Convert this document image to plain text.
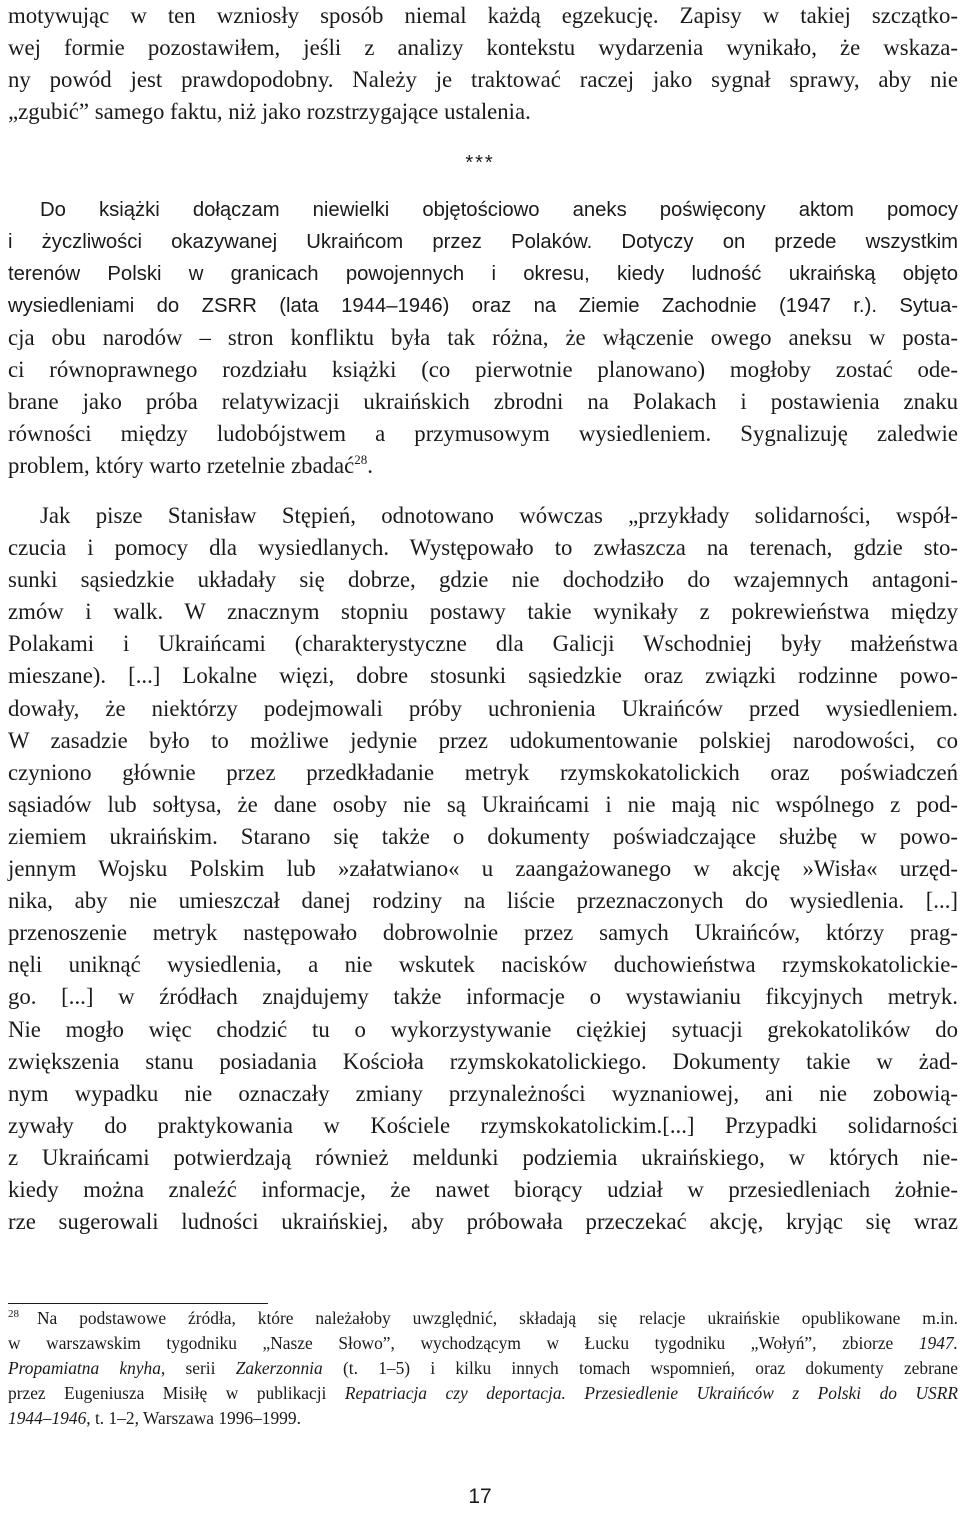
motywując w ten wzniosły sposób niemal każdą egzekucję. Zapisy w takiej szczątko-
wej formie pozostawiłem, jeśli z analizy kontekstu wydarzenia wynikało, że wskaza-
ny powód jest prawdopodobny. Należy je traktować raczej jako sygnał sprawy, aby nie
„zgubić” samego faktu, niż jako rozstrzygające ustalenia.
***
Do książki dołączam niewielki objętościowo aneks poświęcony aktom pomocy
i życzliwości okazywanej Ukraińcom przez Polaków. Dotyczy on przede wszystkim
terenów Polski w granicach powojennych i okresu, kiedy ludność ukraińską objęto
wysiedleniami do ZSRR (lata 1944–1946) oraz na Ziemie Zachodnie (1947 r.). Sytua-
cja obu narodów – stron konfliktu była tak różna, że włączenie owego aneksu w posta-
ci równoprawnego rozdziału książki (co pierwotnie planowano) mogłoby zostać ode-
brane jako próba relatywizacji ukraińskich zbrodni na Polakach i postawienia znaku
równości między ludobójstwem a przymusowym wysiedleniem. Sygnalizuję zaledwie
problem, który warto rzetelnie zbadać$^{28}$.
Jak pisze Stanisław Stępień, odnotowano wówczas „przykłady solidarności, współ-
czucia i pomocy dla wysiedlanych. Występowało to zwłaszcza na terenach, gdzie sto-
sunki sąsiedzkie układały się dobrze, gdzie nie dochodziło do wzajemnych antagoni-
zmów i walk. W znacznym stopniu postawy takie wynikały z pokrewieństwa między
Polakami i Ukraińcami (charakterystyczne dla Galicji Wschodniej były małżeństwa
mieszane). [...] Lokalne więzi, dobre stosunki sąsiedzkie oraz związki rodzinne powo-
dowały, że niektórzy podejmowali próby uchronienia Ukraińców przed wysiedleniem.
W zasadzie było to możliwe jedynie przez udokumentowanie polskiej narodowości, co
czyniono głównie przez przedkładanie metryk rzymskokatolickich oraz poświadczeń
sąsiadów lub sołtysa, że dane osoby nie są Ukraińcami i nie mają nic wspólnego z pod-
ziemiem ukraińskim. Starano się także o dokumenty poświadczające służbę w powo-
jennym Wojsku Polskim lub »załatwiano« u zaangażowanego w akcję »Wisła« urzęd-
nika, aby nie umieszczał danej rodziny na liście przeznaczonych do wysiedlenia. [...]
przenoszenie metryk następowało dobrowolnie przez samych Ukraińców, którzy prag-
nęli uniknąć wysiedlenia, a nie wskutek nacisków duchowieństwa rzymskokatolickie-
go. [...] w źródłach znajdujemy także informacje o wystawianiu fikcyjnych metryk.
Nie mogło więc chodzić tu o wykorzystywanie ciężkiej sytuacji grekokatolików do
zwiększenia stanu posiadania Kościoła rzymskokatolickiego. Dokumenty takie w żad-
nym wypadku nie oznaczały zmiany przynależności wyznaniowej, ani nie zobowią-
zywały do praktykowania w Kościele rzymskokatolickim.[...] Przypadki solidarności
z Ukraińcami potwierdzają również meldunki podziemia ukraińskiego, w których nie-
kiedy można znaleźć informacje, że nawet biorący udział w przesiedleniach żołnie-
rze sugerowali ludności ukraińskiej, aby próbowała przeczekać akcję, kryjąc się wraz
$^{28}$ Na podstawowe źródła, które należałoby uwzględnić, składają się relacje ukraińskie opublikowane m.in.
w warszawskim tygodniku „Nasze Słowo”, wychodzącym w Łucku tygodniku „Wołyń”, zbiorze 1947.
Propamiatna knyha, serii Zakerzonnia (t. 1–5) i kilku innych tomach wspomnień, oraz dokumenty zebrane
przez Eugeniusza Misiłę w publikacji Repatriacja czy deportacja. Przesiedlenie Ukraińców z Polski do USRR
1944–1946, t. 1–2, Warszawa 1996–1999.
17
